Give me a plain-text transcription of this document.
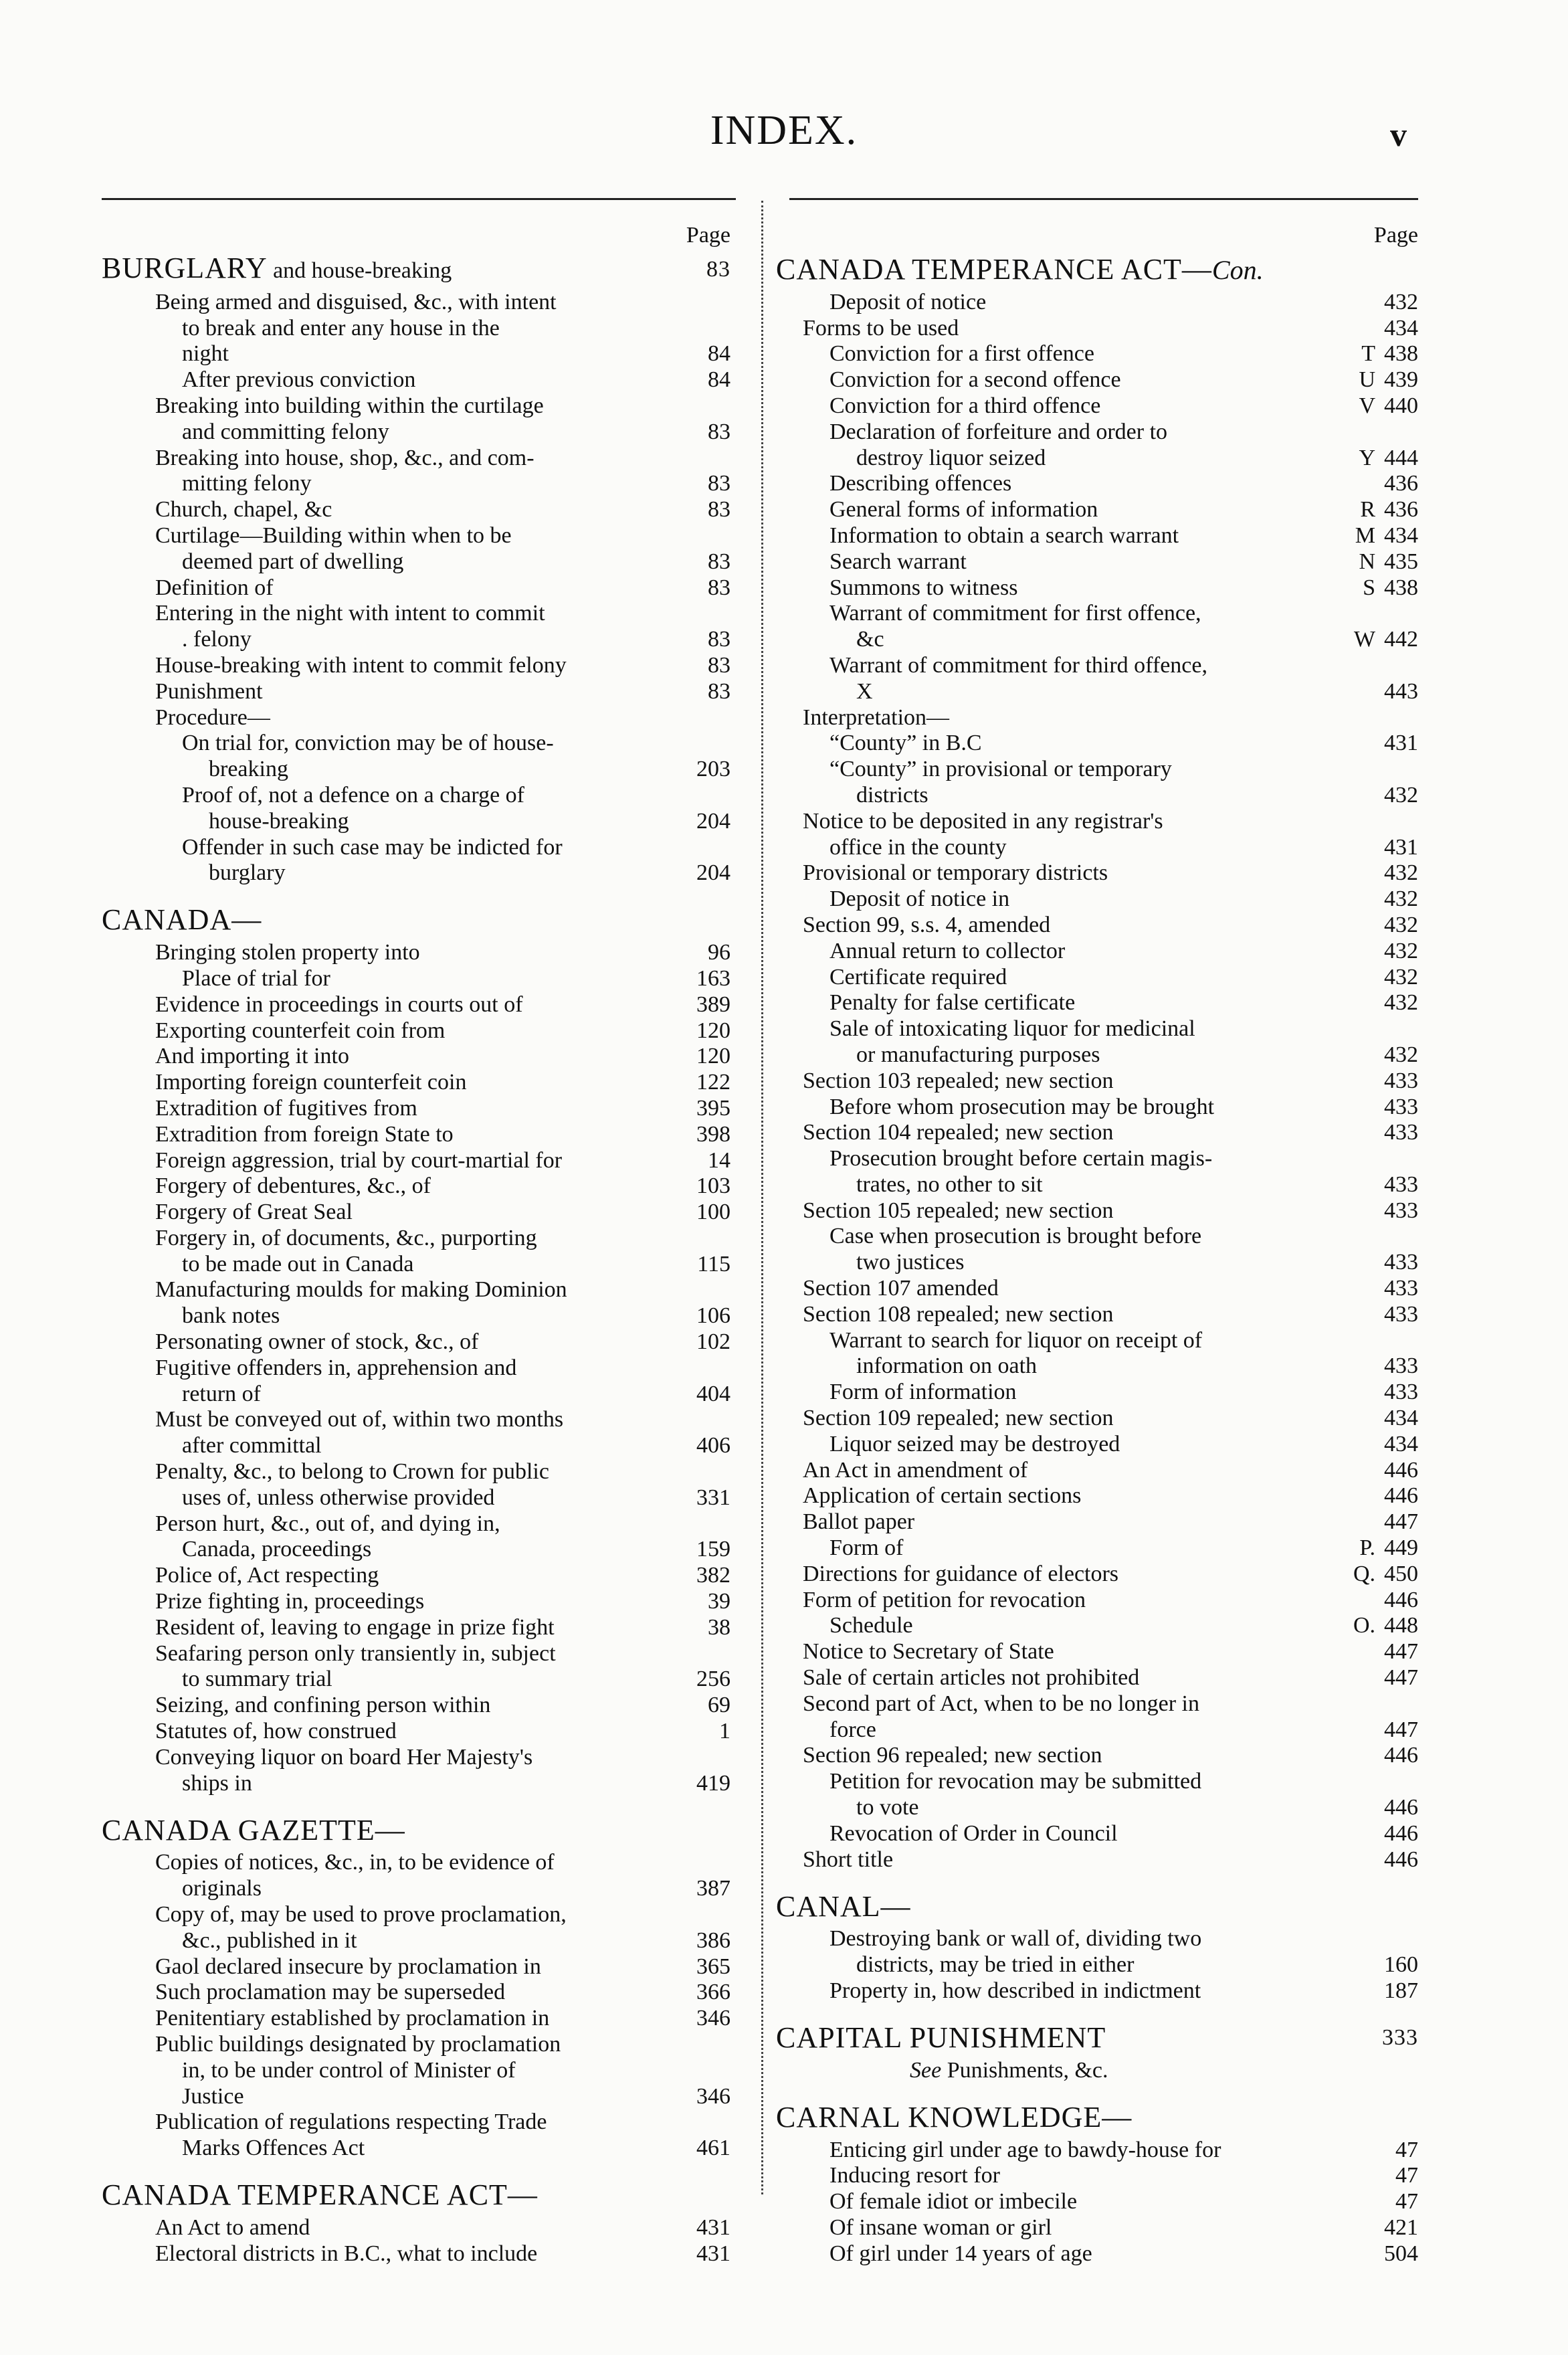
INDEX.	v
Page
BURGLARY and house-breaking	83
Being armed and disguised, &c., with intent
to break and enter any house in the
night	84
After previous conviction	84
Breaking into building within the curtilage
and committing felony	83
Breaking into house, shop, &c., and com-
mitting felony	83
Church, chapel, &c	83
Curtilage—Building within when to be
deemed part of dwelling	83
Definition of	83
Entering in the night with intent to commit
. felony	83
House-breaking with intent to commit felony	83
Punishment	83
Procedure—
On trial for, conviction may be of house-
breaking	203
Proof of, not a defence on a charge of
house-breaking	204
Offender in such case may be indicted for
burglary	204
CANADA—
Bringing stolen property into	96
Place of trial for	163
Evidence in proceedings in courts out of	389
Exporting counterfeit coin from	120
And importing it into	120
Importing foreign counterfeit coin	122
Extradition of fugitives from	395
Extradition from foreign State to	398
Foreign aggression, trial by court-martial for	14
Forgery of debentures, &c., of	103
Forgery of Great Seal	100
Forgery in, of documents, &c., purporting
to be made out in Canada	115
Manufacturing moulds for making Dominion
bank notes	106
Personating owner of stock, &c., of	102
Fugitive offenders in, apprehension and
return of	404
Must be conveyed out of, within two months
after committal	406
Penalty, &c., to belong to Crown for public
uses of, unless otherwise provided	331
Person hurt, &c., out of, and dying in,
Canada, proceedings	159
Police of, Act respecting	382
Prize fighting in, proceedings	39
Resident of, leaving to engage in prize fight	38
Seafaring person only transiently in, subject
to summary trial	256
Seizing, and confining person within	69
Statutes of, how construed	1
Conveying liquor on board Her Majesty's
ships in	419
CANADA GAZETTE—
Copies of notices, &c., in, to be evidence of
originals	387
Copy of, may be used to prove proclamation,
&c., published in it	386
Gaol declared insecure by proclamation in	365
Such proclamation may be superseded	366
Penitentiary established by proclamation in	346
Public buildings designated by proclamation
in, to be under control of Minister of
Justice	346
Publication of regulations respecting Trade
Marks Offences Act	461
CANADA TEMPERANCE ACT—
An Act to amend	431
Electoral districts in B.C., what to include	431
Page
CANADA TEMPERANCE ACT—Con.
Deposit of notice	432
Forms to be used	434
Conviction for a first offence	T 438
Conviction for a second offence	U 439
Conviction for a third offence	V 440
Declaration of forfeiture and order to
destroy liquor seized	Y 444
Describing offences	436
General forms of information	R 436
Information to obtain a search warrant	M 434
Search warrant	N 435
Summons to witness	S 438
Warrant of commitment for first offence,
&c	W 442
Warrant of commitment for third offence,
X	443
Interpretation—
“County” in B.C	431
“County” in provisional or temporary
districts	432
Notice to be deposited in any registrar's
office in the county	431
Provisional or temporary districts	432
Deposit of notice in	432
Section 99, s.s. 4, amended	432
Annual return to collector	432
Certificate required	432
Penalty for false certificate	432
Sale of intoxicating liquor for medicinal
or manufacturing purposes	432
Section 103 repealed; new section	433
Before whom prosecution may be brought	433
Section 104 repealed; new section	433
Prosecution brought before certain magis-
trates, no other to sit	433
Section 105 repealed; new section	433
Case when prosecution is brought before
two justices	433
Section 107 amended	433
Section 108 repealed; new section	433
Warrant to search for liquor on receipt of
information on oath	433
Form of information	433
Section 109 repealed; new section	434
Liquor seized may be destroyed	434
An Act in amendment of	446
Application of certain sections	446
Ballot paper	447
Form of	P. 449
Directions for guidance of electors	Q. 450
Form of petition for revocation	446
Schedule	O. 448
Notice to Secretary of State	447
Sale of certain articles not prohibited	447
Second part of Act, when to be no longer in
force	447
Section 96 repealed; new section	446
Petition for revocation may be submitted
to vote	446
Revocation of Order in Council	446
Short title	446
CANAL—
Destroying bank or wall of, dividing two
districts, may be tried in either	160
Property in, how described in indictment	187
CAPITAL PUNISHMENT	333
See Punishments, &c.
CARNAL KNOWLEDGE—
Enticing girl under age to bawdy-house for	47
Inducing resort for	47
Of female idiot or imbecile	47
Of insane woman or girl	421
Of girl under 14 years of age	504
